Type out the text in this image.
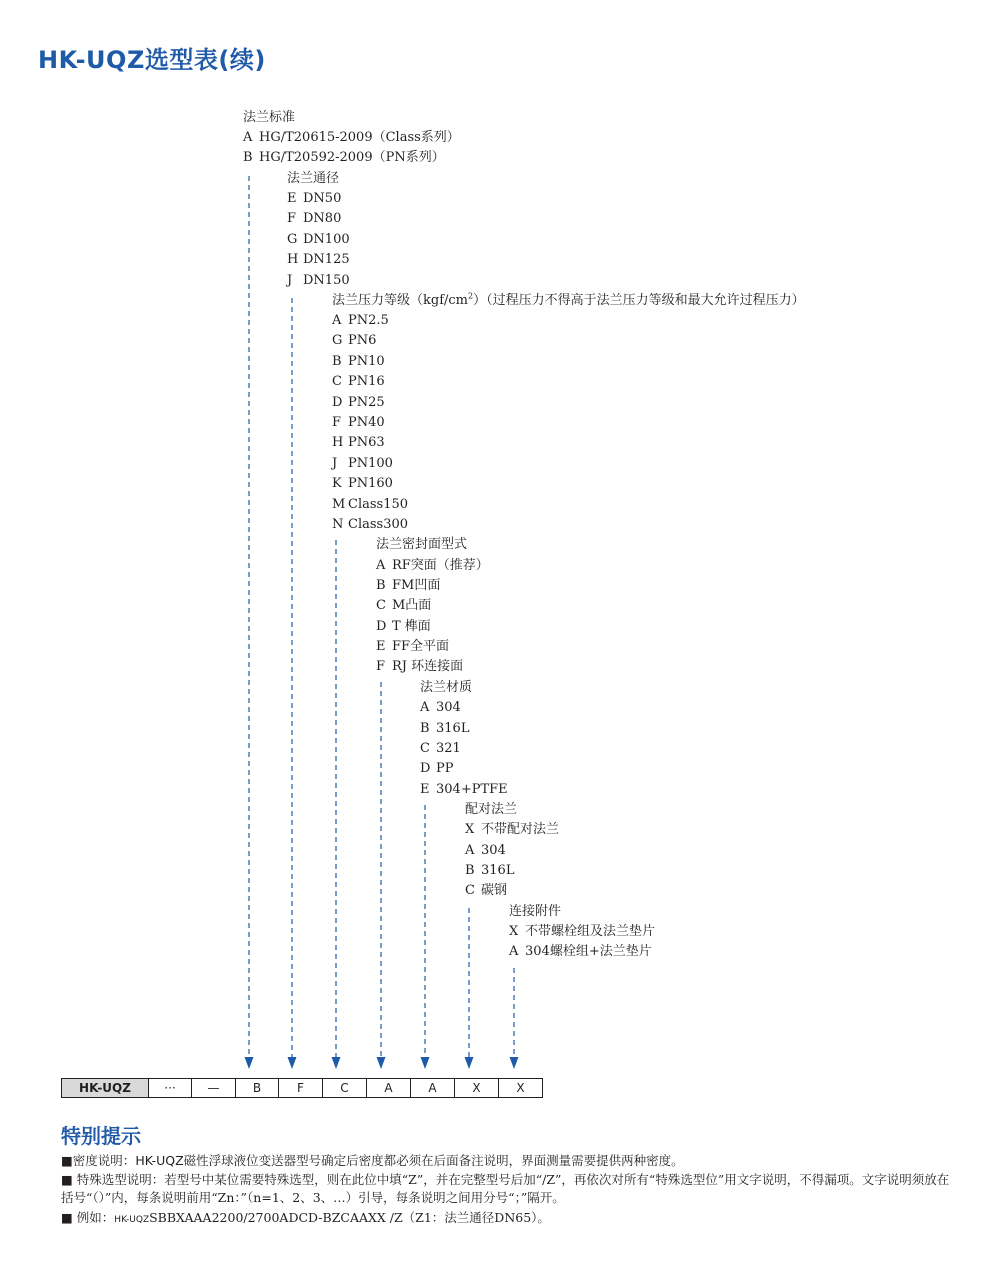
HK-UQZ选型表(续)
法兰标准
A HG/T20615-2009（Class系列）
B HG/T20592-2009（PN系列）
法兰通径
E DN50
F DN80
G DN100
H DN125
J DN150
法兰压力等级$(kgf/cm^2)$（过程压力不得高于法兰压力等级和最大允许过程压力）
A PN2.5
G PN6
B PN10
C PN16
D PN25
F PN40
H PN63
J PN100
K PN160
M Class150
N Class300
法兰密封面型式
A RF突面（推荐）
B FM凹面
C M凸面
D T 榫面
E FF全平面
F RJ 环连接面
法兰材质
A 304
B 316L
C 321
D PP
E 304+PTFE
配对法兰
X 不带配对法兰
A 304
B 316L
C 碳钢
连接附件
X 不带螺栓组及法兰垫片
A 304螺栓组+法兰垫片
HK-UQZ	···	—	B	F	C	A	A	X	X
特别提示

■密度说明：HK-UQZ磁性浮球液位变送器型号确定后密度都必须在后面备注说明，界面测量需要提供两种密度。

■ 特殊选型说明：若型号中某位需要特殊选型，则在此位中填“Z”，并在完整型号后加“/Z”，再依次对所有“特殊选型位”用文字说明，不得漏项。文字说明须放在括号“（）”内，每条说明前用“Zn：”（n=1、2、3、…）引导，每条说明之间用分号“；”隔开。

■ 例如：HK-UQZSBBXAAA2200/2700ADCD-BZCAAXX /Z（Z1：法兰通径DN65）。
